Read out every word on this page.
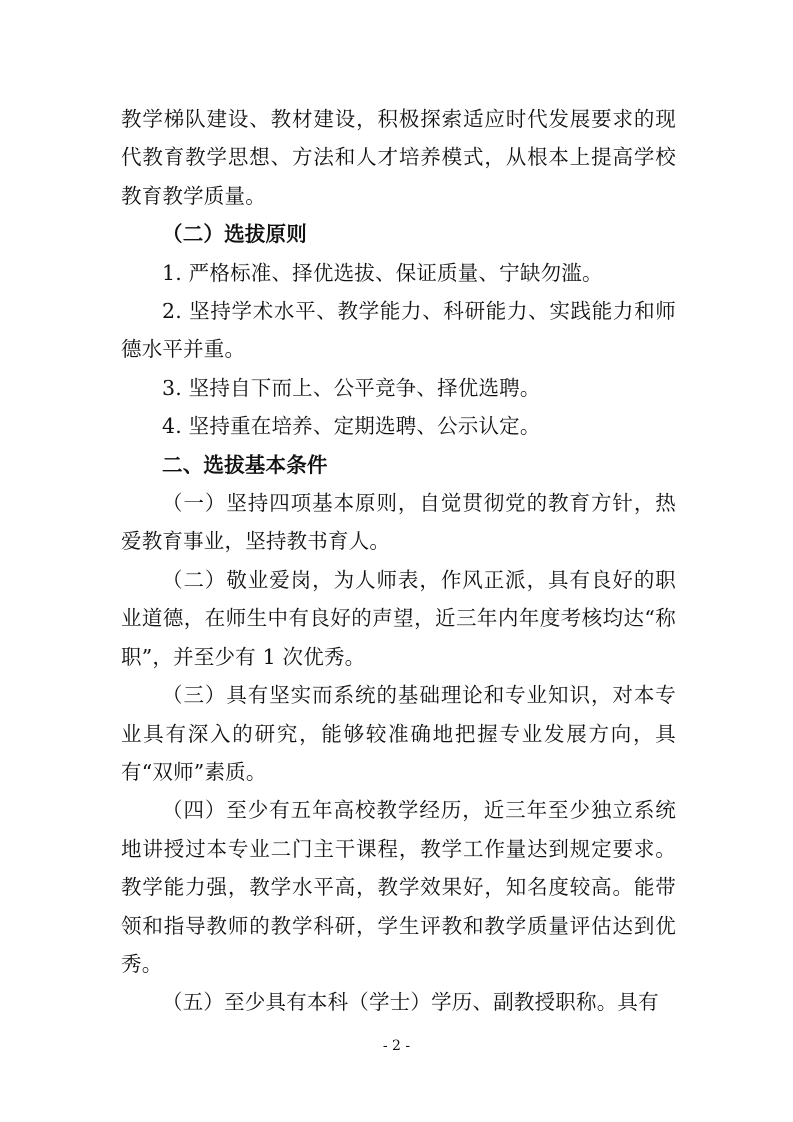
教学梯队建设、教材建设，积极探索适应时代发展要求的现代教育教学思想、方法和人才培养模式，从根本上提高学校教育教学质量。

（二）选拔原则

1. 严格标准、择优选拔、保证质量、宁缺勿滥。

2. 坚持学术水平、教学能力、科研能力、实践能力和师德水平并重。

3. 坚持自下而上、公平竞争、择优选聘。

4. 坚持重在培养、定期选聘、公示认定。

二、选拔基本条件

（一）坚持四项基本原则，自觉贯彻党的教育方针，热爱教育事业，坚持教书育人。

（二）敬业爱岗，为人师表，作风正派，具有良好的职业道德，在师生中有良好的声望，近三年内年度考核均达“称职”，并至少有 1 次优秀。

（三）具有坚实而系统的基础理论和专业知识，对本专业具有深入的研究，能够较准确地把握专业发展方向，具有“双师”素质。

（四）至少有五年高校教学经历，近三年至少独立系统地讲授过本专业二门主干课程，教学工作量达到规定要求。教学能力强，教学水平高，教学效果好，知名度较高。能带领和指导教师的教学科研，学生评教和教学质量评估达到优秀。

（五）至少具有本科（学士）学历、副教授职称。具有

- 2 -
